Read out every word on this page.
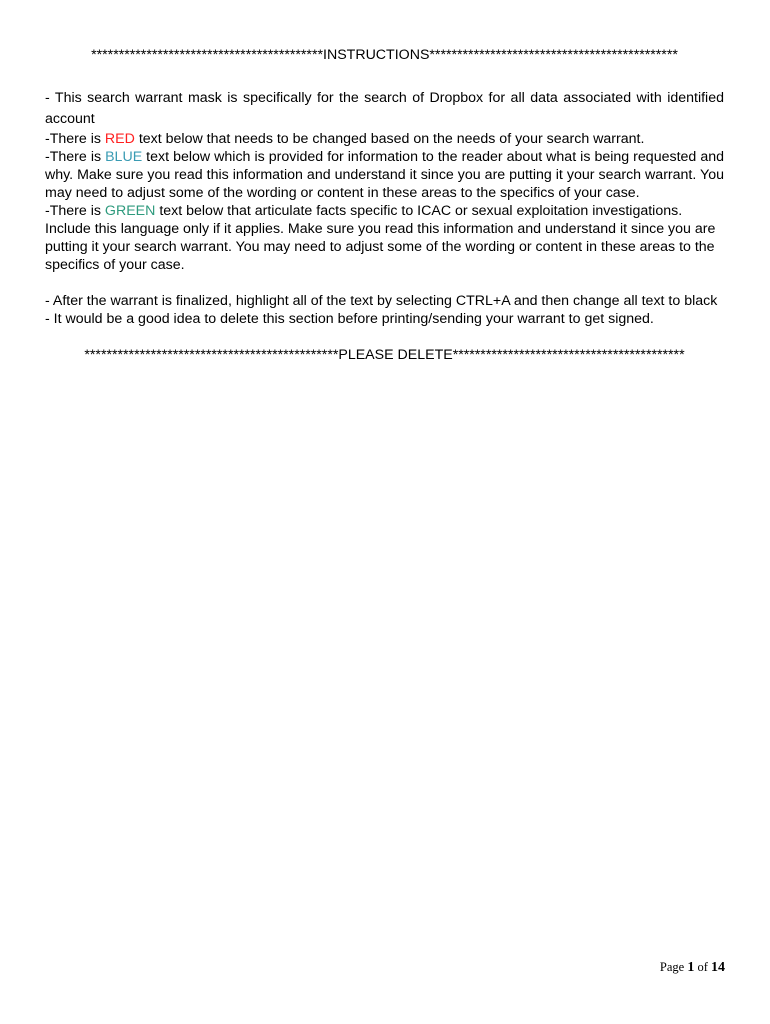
******************************************INSTRUCTIONS*********************************************

- This search warrant mask is specifically for the search of Dropbox for all data associated with identified account

-There is RED text below that needs to be changed based on the needs of your search warrant.

-There is BLUE text below which is provided for information to the reader about what is being requested and why. Make sure you read this information and understand it since you are putting it your search warrant. You may need to adjust some of the wording or content in these areas to the specifics of your case.

-There is GREEN text below that articulate facts specific to ICAC or sexual exploitation investigations. Include this language only if it applies. Make sure you read this information and understand it since you are putting it your search warrant. You may need to adjust some of the wording or content in these areas to the specifics of your case.

- After the warrant is finalized, highlight all of the text by selecting CTRL+A and then change all text to black

- It would be a good idea to delete this section before printing/sending your warrant to get signed.

**********************************************PLEASE DELETE******************************************
Page 1 of 14
